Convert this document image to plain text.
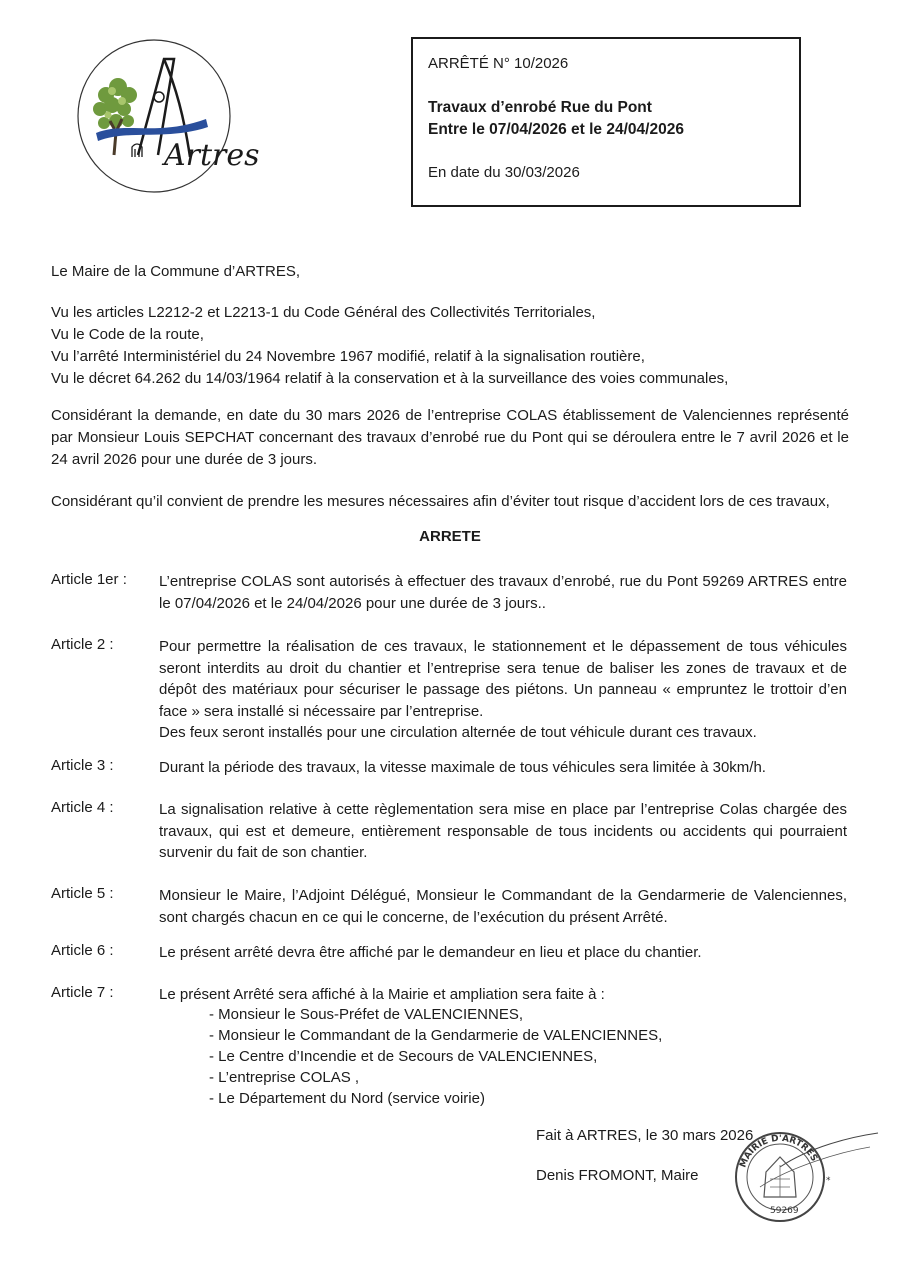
Artres
ARRÊTÉ N° 10/2026
Travaux d’enrobé Rue du Pont
Entre le 07/04/2026 et le 24/04/2026
En date du 30/03/2026
Le Maire de la Commune d’ARTRES,
Vu les articles L2212-2 et L2213-1 du Code Général des Collectivités Territoriales,
Vu le Code de la route,
Vu l’arrêté Interministériel du 24 Novembre 1967 modifié, relatif à la signalisation routière,
Vu le décret 64.262 du 14/03/1964 relatif à la conservation et à la surveillance des voies communales,
Considérant la demande, en date du 30 mars 2026 de l’entreprise COLAS établissement de Valenciennes représenté par Monsieur Louis SEPCHAT concernant des travaux d’enrobé rue du Pont qui se déroulera entre le 7 avril 2026 et le 24 avril 2026 pour une durée de 3 jours.
Considérant qu’il convient de prendre les mesures nécessaires afin d’éviter tout risque d’accident lors de ces travaux,
ARRETE
Article 1er : L’entreprise COLAS sont autorisés à effectuer des travaux d’enrobé, rue du Pont 59269 ARTRES entre le 07/04/2026 et le 24/04/2026 pour une durée de 3 jours..
Article 2 :	Pour permettre la réalisation de ces travaux, le stationnement et le dépassement de tous véhicules seront interdits au droit du chantier et l’entreprise sera tenue de baliser les zones de travaux et de dépôt des matériaux pour sécuriser le passage des piétons. Un panneau « empruntez le trottoir d’en face » sera installé si nécessaire par l’entreprise.

Des feux seront installés pour une circulation alternée de tout véhicule durant ces travaux.

Article 3 :	Durant la période des travaux, la vitesse maximale de tous véhicules sera limitée à 30km/h.
Article 4 :	La signalisation relative à cette règlementation sera mise en place par l’entreprise Colas chargée des travaux, qui est et demeure, entièrement responsable de tous incidents ou accidents qui pourraient survenir du fait de son chantier.
Article 5 :	Monsieur le Maire, l’Adjoint Délégué, Monsieur le Commandant de la Gendarmerie de Valenciennes, sont chargés chacun en ce qui le concerne, de l’exécution du présent Arrêté.
Article 6 :	Le présent arrêté devra être affiché par le demandeur en lieu et place du chantier.
Article 7 :	Le présent Arrêté sera affiché à la Mairie et ampliation sera faite à :
- Monsieur le Sous-Préfet de VALENCIENNES,
- Monsieur le Commandant de la Gendarmerie de VALENCIENNES,
- Le Centre d’Incendie et de Secours de VALENCIENNES,
- L’entreprise COLAS ,
- Le Département du Nord (service voirie)
Fait à ARTRES, le 30 mars 2026
Denis FROMONT, Maire
MAIRIE D'ARTRES
59269
*
